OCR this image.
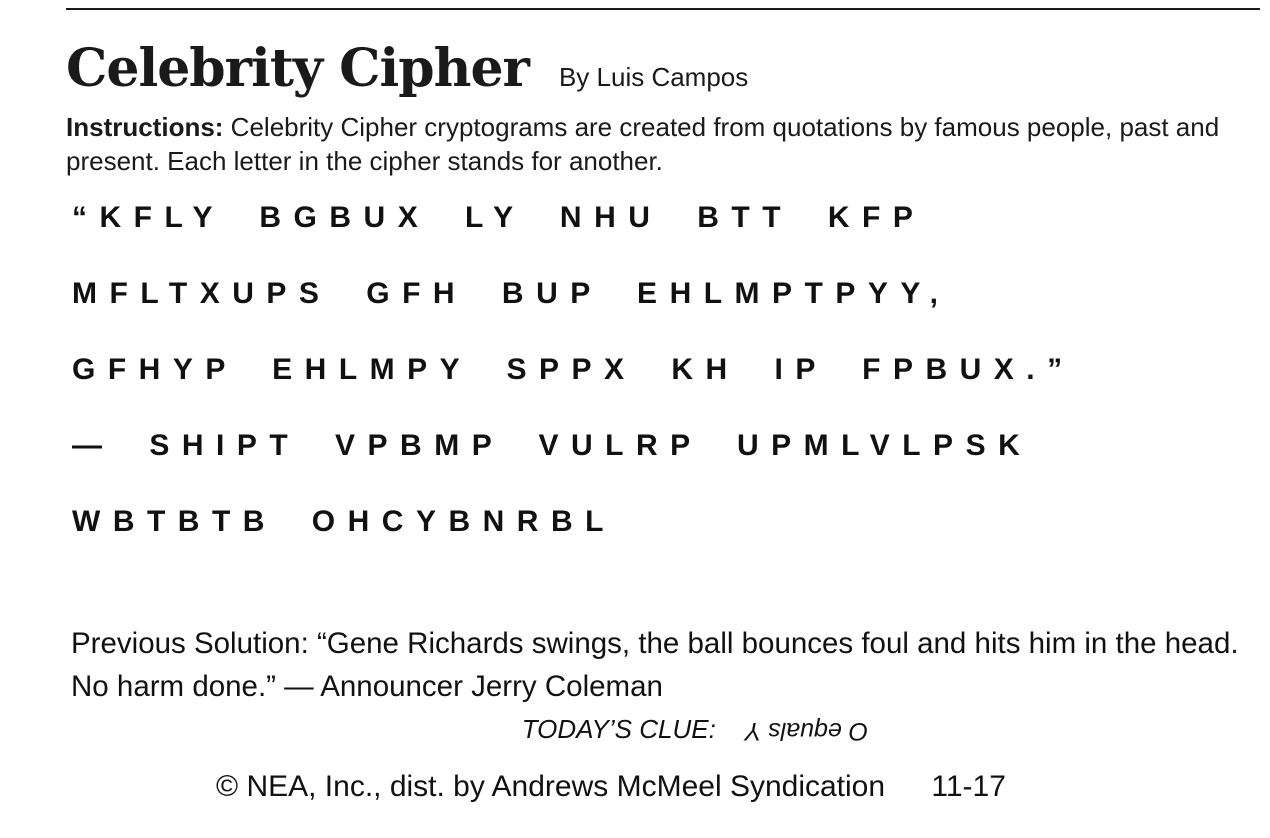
Celebrity Cipher By Luis Campos
Instructions: Celebrity Cipher cryptograms are created from quotations by famous people, past and present. Each letter in the cipher stands for another.
“KFLY BGBUX LY NHU BTT KFP
MFLTXUPS GFH BUP EHLMPTPYY,
GFHYP EHLMPY SPPX KH IP FPBUX.”
— SHIPT VPBMP VULRP UPMLVLPSK
WBTBTB OHCYBNRBL
Previous Solution: “Gene Richards swings, the ball bounces foul and hits him in the head. No harm done.” — Announcer Jerry Coleman
TODAY’S CLUE: O equals Y
© NEA, Inc., dist. by Andrews McMeel Syndication 11-17
